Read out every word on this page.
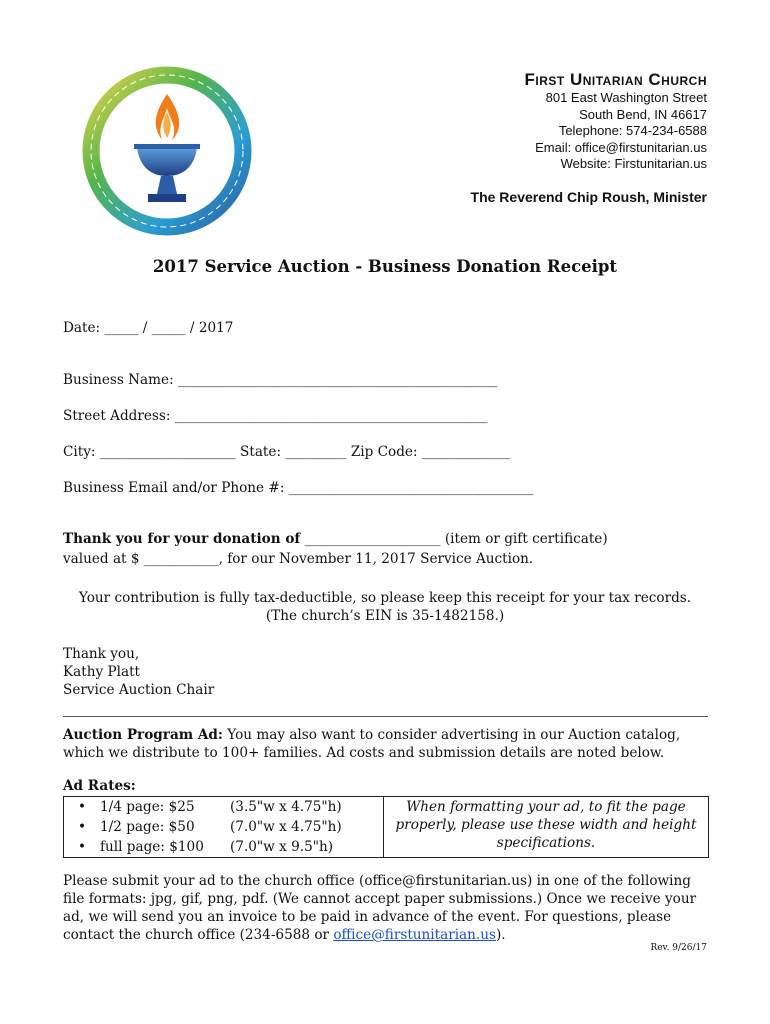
First Unitarian Church
801 East Washington Street
South Bend, IN 46617
Telephone: 574-234-6588
Email: office@firstunitarian.us
Website: Firstunitarian.us
The Reverend Chip Roush, Minister
2017 Service Auction - Business Donation Receipt
Date: _____ / _____ / 2017
Business Name: _______________________________________________
Street Address: ______________________________________________
City: ____________________ State: _________ Zip Code: _____________
Business Email and/or Phone #: ____________________________________
Thank you for your donation of ____________________ (item or gift certificate)
valued at $ ___________, for our November 11, 2017 Service Auction.
Your contribution is fully tax-deductible, so please keep this receipt for your tax records.
(The church’s EIN is 35-1482158.)
Thank you,
Kathy Platt
Service Auction Chair
Auction Program Ad: You may also want to consider advertising in our Auction catalog, which we distribute to 100+ families. Ad costs and submission details are noted below.
Ad Rates:
• 1/4 page: $25	(3.5"w x 4.75"h)
• 1/2 page: $50	(7.0"w x 4.75"h)
• full page: $100 (7.0"w x 9.5"h)
When formatting your ad, to fit the page properly, please use these width and height specifications.
Please submit your ad to the church office (office@firstunitarian.us) in one of the following file formats: jpg, gif, png, pdf. (We cannot accept paper submissions.) Once we receive your ad, we will send you an invoice to be paid in advance of the event. For questions, please contact the church office (234-6588 or office@firstunitarian.us).
Rev. 9/26/17
